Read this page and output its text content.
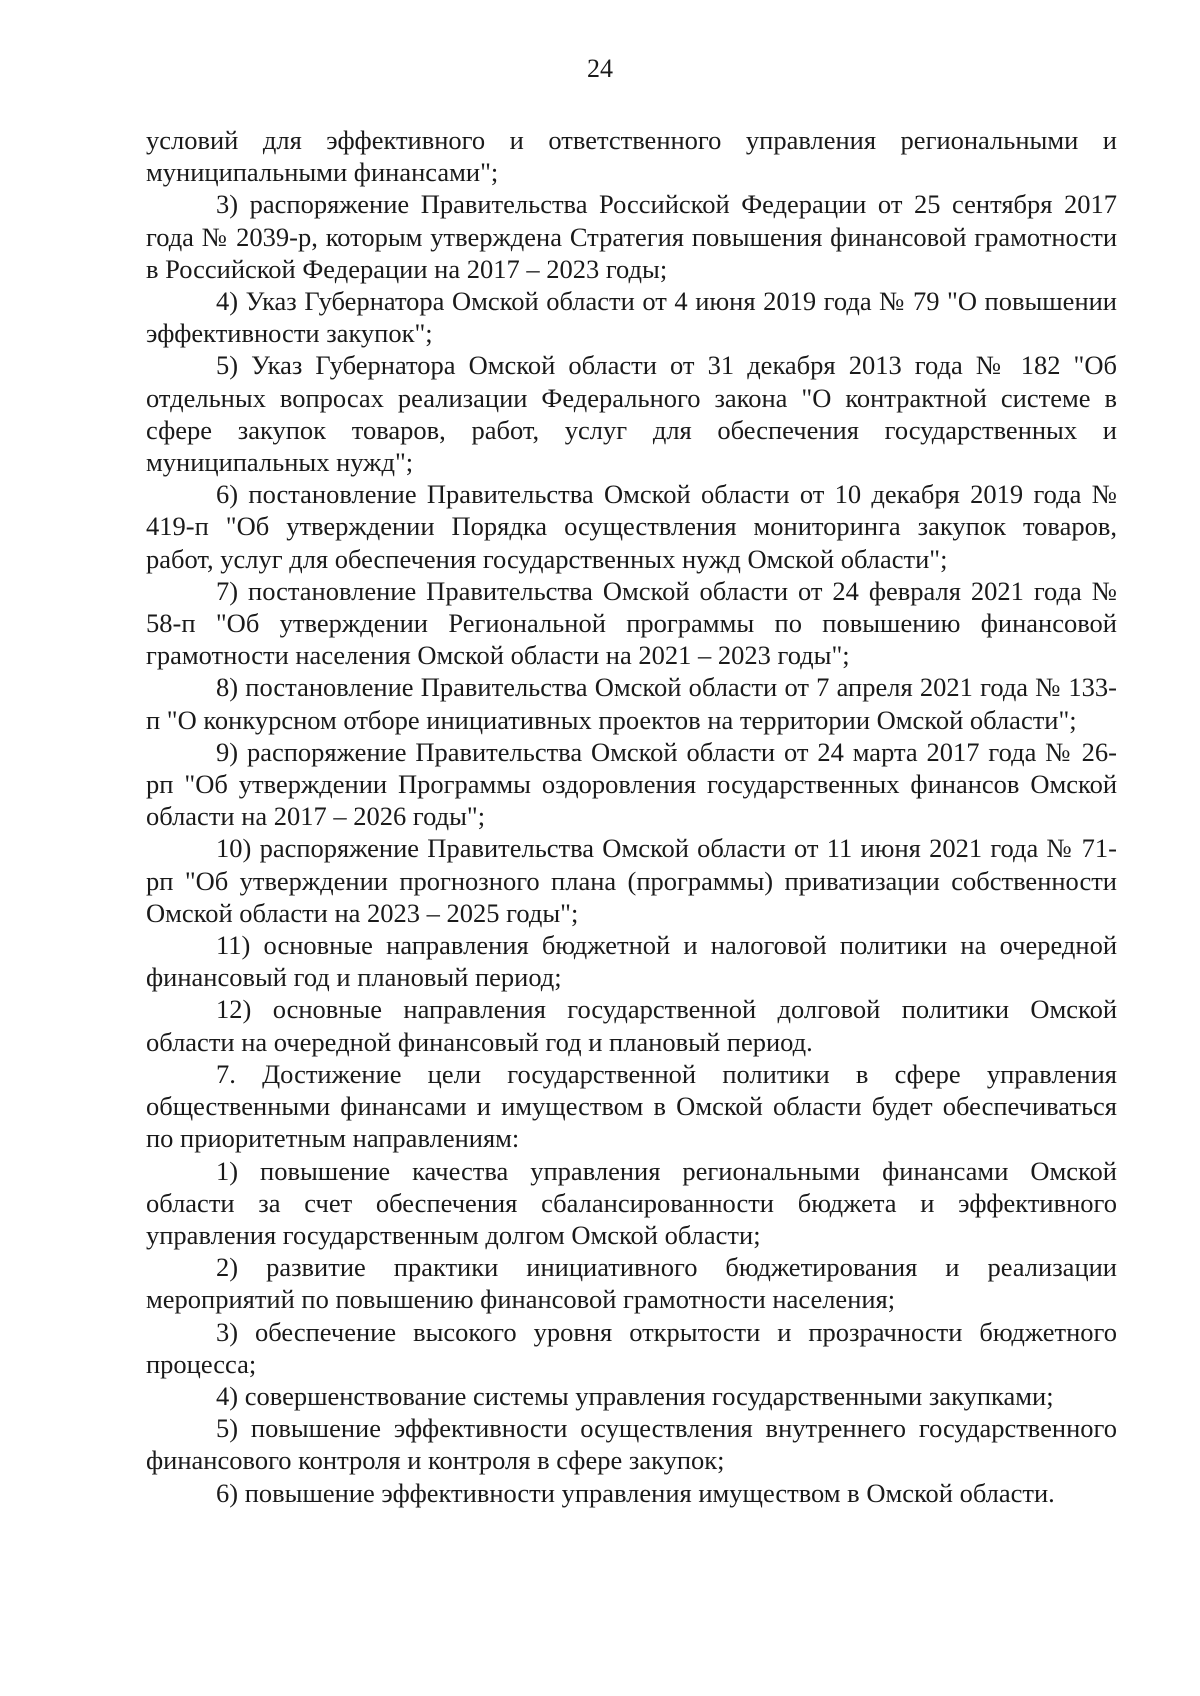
24

условий для эффективного и ответственного управления региональными и муниципальными финансами";

3) распоряжение Правительства Российской Федерации от 25 сентября 2017 года № 2039-р, которым утверждена Стратегия повышения финансовой грамотности в Российской Федерации на 2017 – 2023 годы;

4) Указ Губернатора Омской области от 4 июня 2019 года № 79 "О повышении эффективности закупок";

5) Указ Губернатора Омской области от 31 декабря 2013 года № 182 "Об отдельных вопросах реализации Федерального закона "О контрактной системе в сфере закупок товаров, работ, услуг для обеспечения государственных и муниципальных нужд";

6) постановление Правительства Омской области от 10 декабря 2019 года № 419-п "Об утверждении Порядка осуществления мониторинга закупок товаров, работ, услуг для обеспечения государственных нужд Омской области";

7) постановление Правительства Омской области от 24 февраля 2021 года № 58-п "Об утверждении Региональной программы по повышению финансовой грамотности населения Омской области на 2021 – 2023 годы";

8) постановление Правительства Омской области от 7 апреля 2021 года № 133-п "О конкурсном отборе инициативных проектов на территории Омской области";

9) распоряжение Правительства Омской области от 24 марта 2017 года № 26-рп "Об утверждении Программы оздоровления государственных финансов Омской области на 2017 – 2026 годы";

10) распоряжение Правительства Омской области от 11 июня 2021 года № 71-рп "Об утверждении прогнозного плана (программы) приватизации собственности Омской области на 2023 – 2025 годы";

11) основные направления бюджетной и налоговой политики на очередной финансовый год и плановый период;

12) основные направления государственной долговой политики Омской области на очередной финансовый год и плановый период.

7. Достижение цели государственной политики в сфере управления общественными финансами и имуществом в Омской области будет обеспечиваться по приоритетным направлениям:

1) повышение качества управления региональными финансами Омской области за счет обеспечения сбалансированности бюджета и эффективного управления государственным долгом Омской области;

2) развитие практики инициативного бюджетирования и реализации мероприятий по повышению финансовой грамотности населения;

3) обеспечение высокого уровня открытости и прозрачности бюджетного процесса;

4) совершенствование системы управления государственными закупками;

5) повышение эффективности осуществления внутреннего государственного финансового контроля и контроля в сфере закупок;

6) повышение эффективности управления имуществом в Омской области.
